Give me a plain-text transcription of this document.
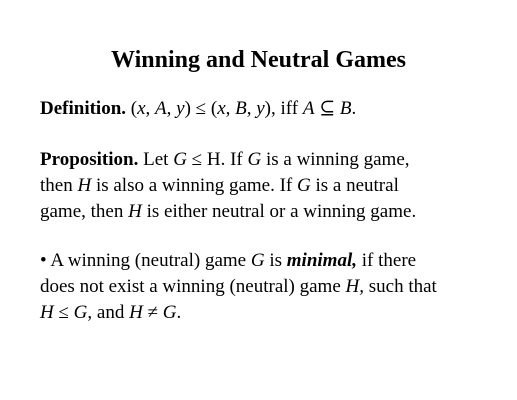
Winning and Neutral Games
Definition. (x, A, y) ≤ (x, B, y), iff A ⊆ B.
Proposition. Let G ≤ H. If G is a winning game,
then H is also a winning game. If G is a neutral
game, then H is either neutral or a winning game.
• A winning (neutral) game G is minimal, if there
does not exist a winning (neutral) game H, such that
H ≤ G, and H ≠ G.
